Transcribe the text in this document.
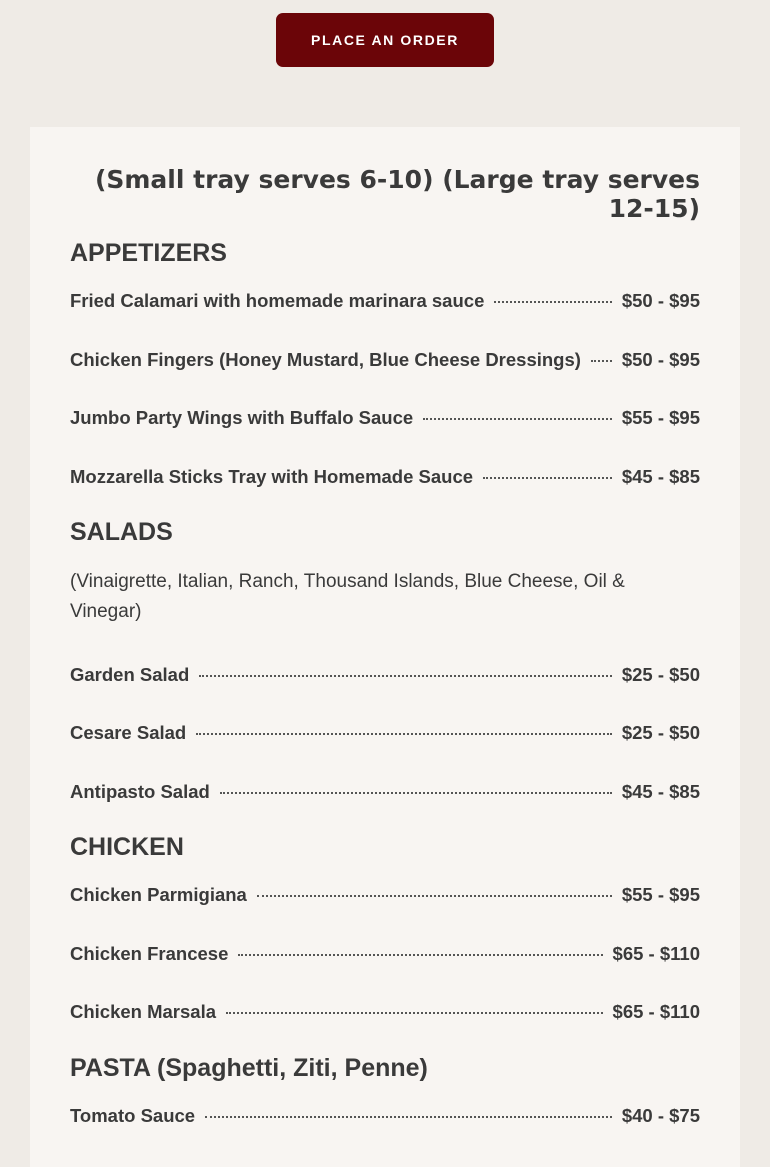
PLACE AN ORDER
(Small tray serves 6-10) (Large tray serves 12-15)
APPETIZERS
Fried Calamari with homemade marinara sauce	$50 - $95
Chicken Fingers (Honey Mustard, Blue Cheese Dressings) $50 - $95
Jumbo Party Wings with Buffalo Sauce	$55 - $95
Mozzarella Sticks Tray with Homemade Sauce	$45 - $85
SALADS
(Vinaigrette, Italian, Ranch, Thousand Islands, Blue Cheese, Oil & Vinegar)
Garden Salad	$25 - $50
Cesare Salad	$25 - $50
Antipasto Salad	$45 - $85
CHICKEN
Chicken Parmigiana	$55 - $95
Chicken Francese	$65 - $110
Chicken Marsala	$65 - $110
PASTA (Spaghetti, Ziti, Penne)
Tomato Sauce	$40 - $75
